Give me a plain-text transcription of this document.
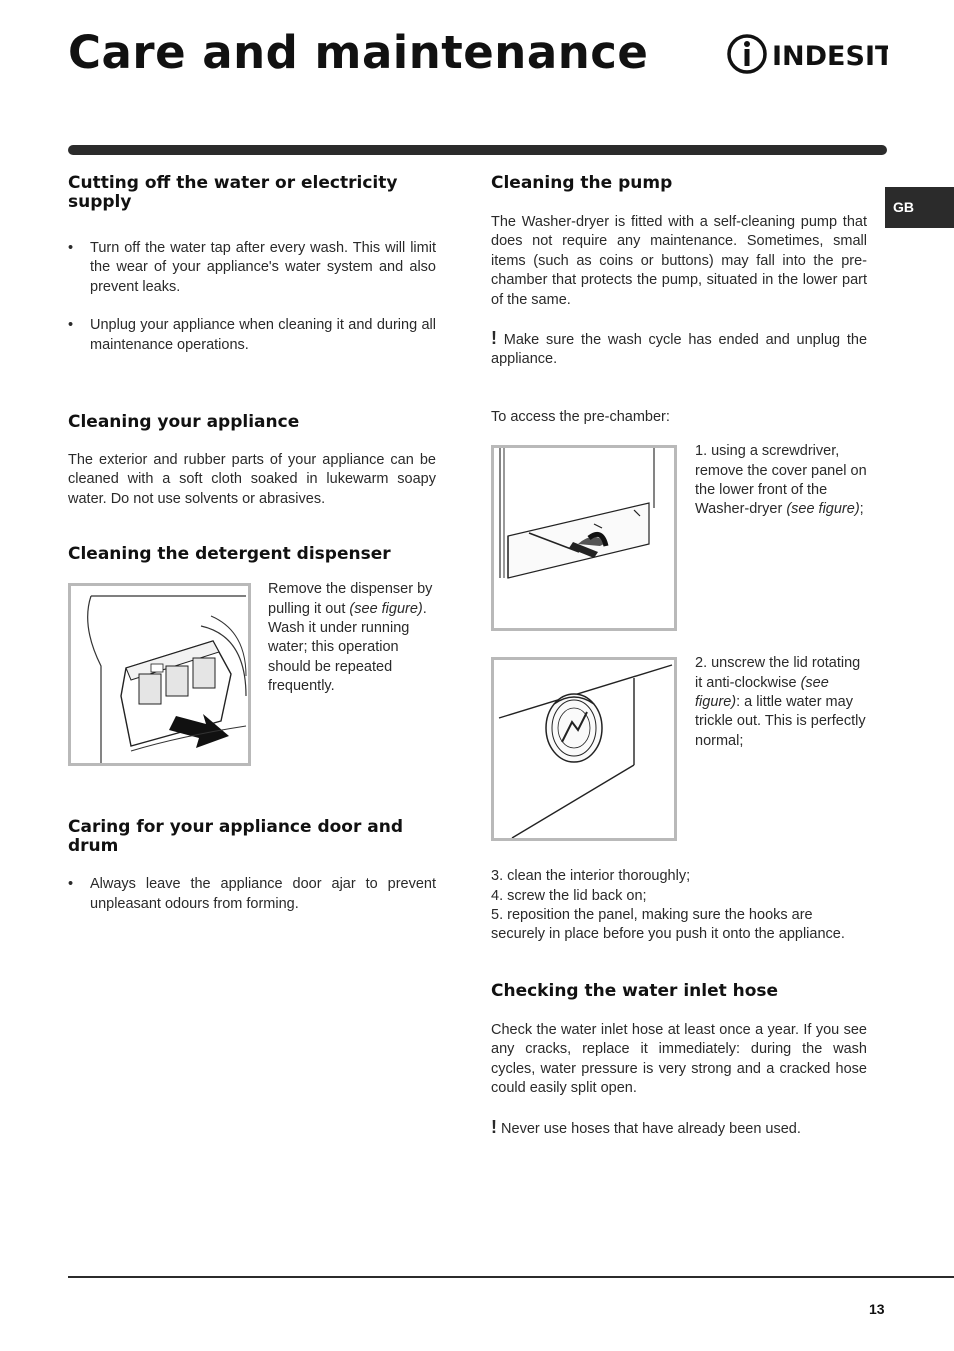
Care and maintenance	INDESIT
GB
Cutting off the water or electricity supply
• Turn off the water tap after every wash. This will limit the wear of your appliance's water system and also prevent leaks.
• Unplug your appliance when cleaning it and during all maintenance operations.
Cleaning your appliance

The exterior and rubber parts of your appliance can be cleaned with a soft cloth soaked in lukewarm soapy water. Do not use solvents or abrasives.

Cleaning the detergent dispenser

Remove the dispenser by pulling it out (see figure).

Wash it under running water; this operation should be repeated frequently.

Caring for your appliance door and drum
• Always leave the appliance door ajar to prevent unpleasant odours from forming.
Cleaning the pump

The Washer-dryer is fitted with a self-cleaning pump that does not require any maintenance. Sometimes, small items (such as coins or buttons) may fall into the pre-chamber that protects the pump, situated in the lower part of the same.

! Make sure the wash cycle has ended and unplug the appliance.

To access the pre-chamber:

1. using a screwdriver, remove the cover panel on the lower front of the Washer-dryer (see figure);

2. unscrew the lid rotating it anti-clockwise (see figure): a little water may trickle out. This is perfectly normal;

3. clean the interior thoroughly;

4. screw the lid back on;

5. reposition the panel, making sure the hooks are securely in place before you push it onto the appliance.

Checking the water inlet hose

Check the water inlet hose at least once a year. If you see any cracks, replace it immediately: during the wash cycles, water pressure is very strong and a cracked hose could easily split open.

! Never use hoses that have already been used.

13
